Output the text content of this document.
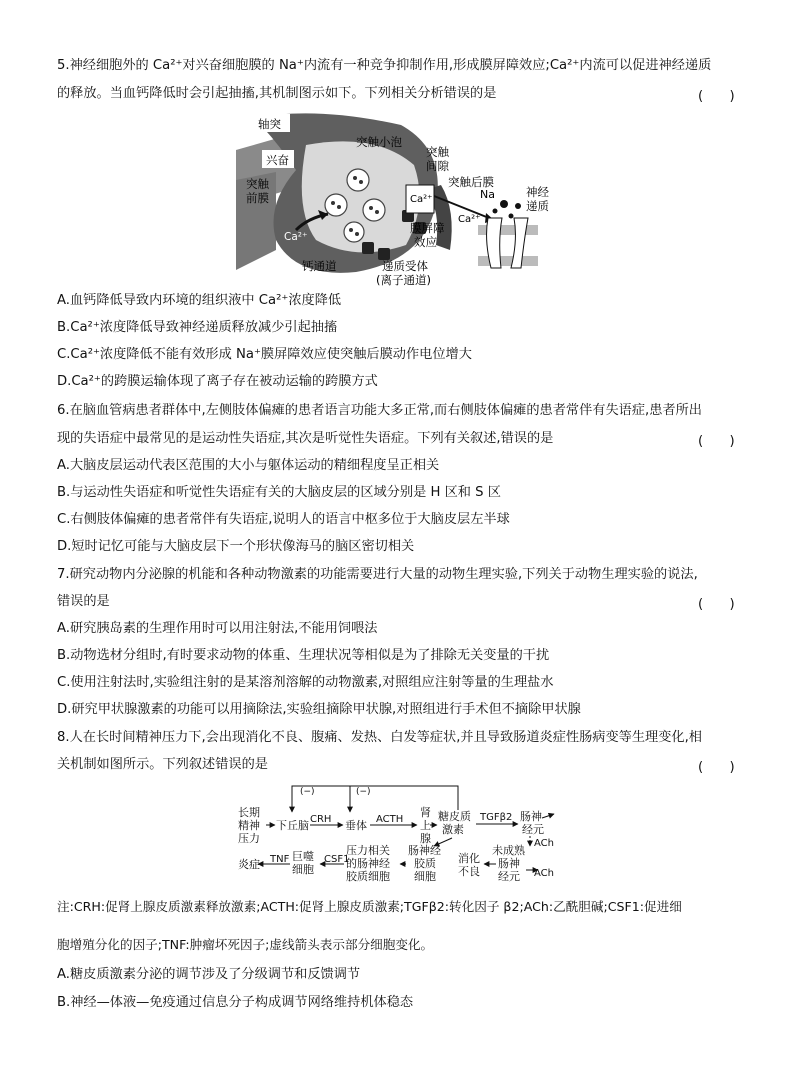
5.神经细胞外的 Ca²⁺对兴奋细胞膜的 Na⁺内流有一种竞争抑制作用,形成膜屏障效应;Ca²⁺内流可以促进神经递质
的释放。当血钙降低时会引起抽搐,其机制图示如下。下列相关分析错误的是	(　　)
轴突
兴奋
突触小泡
突触
间隙
突触
前膜
Ca²⁺
Ca²⁺
突触后膜
Na	神经
递质
Ca²⁺
膜屏障
效应
钙通道	递质受体
(离子通道)
A.血钙降低导致内环境的组织液中 Ca²⁺浓度降低
B.Ca²⁺浓度降低导致神经递质释放减少引起抽搐
C.Ca²⁺浓度降低不能有效形成 Na⁺膜屏障效应使突触后膜动作电位增大
D.Ca²⁺的跨膜运输体现了离子存在被动运输的跨膜方式
6.在脑血管病患者群体中,左侧肢体偏瘫的患者语言功能大多正常,而右侧肢体偏瘫的患者常伴有失语症,患者所出
现的失语症中最常见的是运动性失语症,其次是听觉性失语症。下列有关叙述,错误的是	(　　)
A.大脑皮层运动代表区范围的大小与躯体运动的精细程度呈正相关
B.与运动性失语症和听觉性失语症有关的大脑皮层的区域分别是 H 区和 S 区
C.右侧肢体偏瘫的患者常伴有失语症,说明人的语言中枢多位于大脑皮层左半球
D.短时记忆可能与大脑皮层下一个形状像海马的脑区密切相关
7.研究动物内分泌腺的机能和各种动物激素的功能需要进行大量的动物生理实验,下列关于动物生理实验的说法,
错误的是	(　　)
A.研究胰岛素的生理作用时可以用注射法,不能用饲喂法
B.动物选材分组时,有时要求动物的体重、生理状况等相似是为了排除无关变量的干扰
C.使用注射法时,实验组注射的是某溶剂溶解的动物激素,对照组应注射等量的生理盐水
D.研究甲状腺激素的功能可以用摘除法,实验组摘除甲状腺,对照组进行手术但不摘除甲状腺
8.人在长时间精神压力下,会出现消化不良、腹痛、发热、白发等症状,并且导致肠道炎症性肠病变等生理变化,相
关机制如图所示。下列叙述错误的是	(　　)
长期
精神
压力
下丘脑 CRH 垂体 ACTH
肾
上
腺
糖皮质
激素
TGFβ2 肠神
经元
ACh
(−)	(−)
炎症 TNF 巨噬
细胞
CSF1
压力相关
的肠神经
胶质细胞
肠神经
胶质
细胞
消化
不良
未成熟
肠神
经元 ACh
注:CRH:促肾上腺皮质激素释放激素;ACTH:促肾上腺皮质激素;TGFβ2:转化因子 β2;ACh:乙酰胆碱;CSF1:促进细
胞增殖分化的因子;TNF:肿瘤坏死因子;虚线箭头表示部分细胞变化。
A.糖皮质激素分泌的调节涉及了分级调节和反馈调节
B.神经—体液—免疫通过信息分子构成调节网络维持机体稳态
